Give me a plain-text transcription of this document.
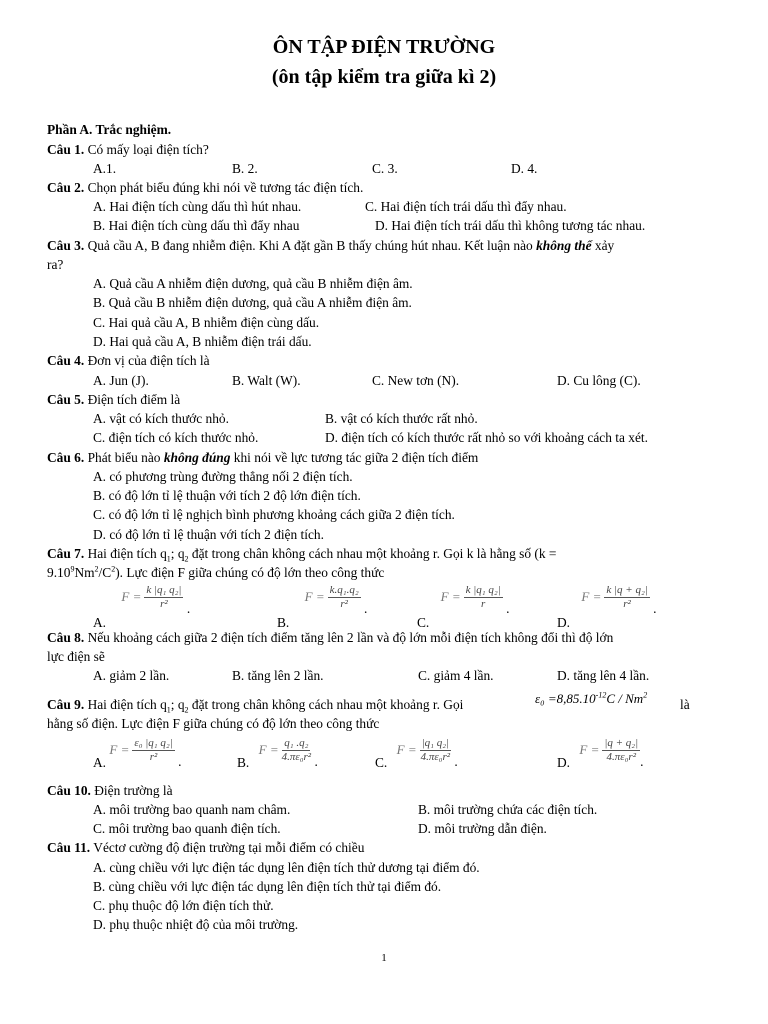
ÔN TẬP ĐIỆN TRƯỜNG
(ôn tập kiểm tra giữa kì 2)
Phần A. Trắc nghiệm.
Câu 1. Có mấy loại điện tích?
A.1.	B. 2.	C. 3.	D. 4.
Câu 2. Chọn phát biểu đúng khi nói về tương tác điện tích.
A. Hai điện tích cùng dấu thì hút nhau.	C. Hai điện tích trái dấu thì đẩy nhau.
B. Hai điện tích cùng dấu thì đẩy nhau	D. Hai điện tích trái dấu thì không tương tác nhau.
Câu 3. Quả cầu A, B đang nhiễm điện. Khi A đặt gần B thấy chúng hút nhau. Kết luận nào không thể xảy
ra?
A. Quả cầu A nhiễm điện dương, quả cầu B nhiễm điện âm.
B. Quả cầu B nhiễm điện dương, quả cầu A nhiễm điện âm.
C. Hai quả cầu A, B nhiễm điện cùng dấu.
D. Hai quả cầu A, B nhiễm điện trái dấu.
Câu 4. Đơn vị của điện tích là
A. Jun (J).	B. Walt (W).	C. New tơn (N).	D. Cu lông (C).
Câu 5. Điện tích điểm là
A. vật có kích thước nhỏ.	B. vật có kích thước rất nhỏ.
C. điện tích có kích thước nhỏ.	D. điện tích có kích thước rất nhỏ so với khoảng cách ta xét.
Câu 6. Phát biểu nào không đúng khi nói về lực tương tác giữa 2 điện tích điểm
A. có phương trùng đường thẳng nối 2 điện tích.
B. có độ lớn tỉ lệ thuận với tích 2 độ lớn điện tích.
C. có độ lớn tỉ lệ nghịch bình phương khoảng cách giữa 2 điện tích.
D. có độ lớn tỉ lệ thuận với tích 2 điện tích.
Câu 7. Hai điện tích $q_1$; $q_2$ đặt trong chân không cách nhau một khoảng r. Gọi k là hằng số (k =
$9.10^9Nm^2/C^2$). Lực điện F giữa chúng có độ lớn theo công thức
A. $F = \frac{\text{k |q₁ q₂|}}{\text{r²}}$ .
B. $F = \frac{\text{k.q₁.q₂}}{\text{r²}}$ .
C. $F = \frac{\text{k |q₁ q₂|}}{r}$ .
D. $F = \frac{\text{k |q + q₂|}}{\text{r²}}$ .
Câu 8. Nếu khoảng cách giữa 2 điện tích điểm tăng lên 2 lần và độ lớn mỗi điện tích không đổi thì độ lớn
lực điện sẽ
A. giảm 2 lần.	B. tăng lên 2 lần.	C. giảm 4 lần.	D. tăng lên 4 lần.
Câu 9. Hai điện tích $q_1$; $q_2$ đặt trong chân không cách nhau một khoảng r. Gọi	$\varepsilon_0 =8,85.10^{-12}C / Nm^2$
là
hằng số điện. Lực điện F giữa chúng có độ lớn theo công thức
A. $F = \frac{\text{ε₀ |q₁ q₂|}}{\text{r²}}$ .	B. $F = \frac{\text{q₁ .q₂}}{\text{4.πε₀r²}}$ .	C. $F = \frac{\text{|q₁ q₂|}}{\text{4.πε₀r²}}$ .	D. $F = \frac{\text{|q + q₂|}}{\text{4.πε₀r²}}$ .
Câu 10. Điện trường là
A. môi trường bao quanh nam châm.	B. môi trường chứa các điện tích.
C. môi trường bao quanh điện tích.	D. môi trường dẫn điện.
Câu 11. Véctơ cường độ điện trường tại mỗi điểm có chiều
A. cùng chiều với lực điện tác dụng lên điện tích thử dương tại điểm đó.
B. cùng chiều với lực điện tác dụng lên điện tích thử tại điểm đó.
C. phụ thuộc độ lớn điện tích thử.
D. phụ thuộc nhiệt độ của môi trường.
1
